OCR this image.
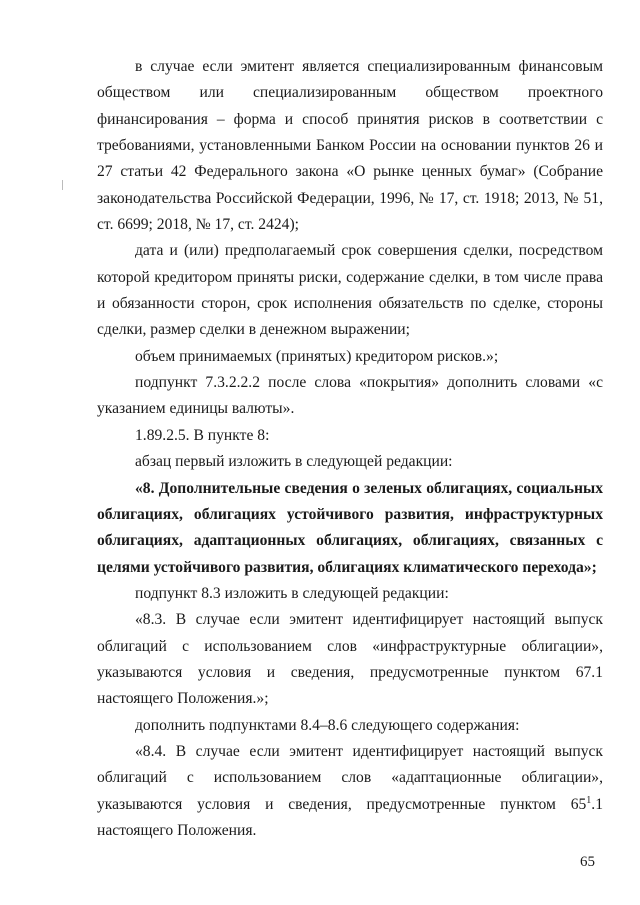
в случае если эмитент является специализированным финансовым обществом или специализированным обществом проектного финансирования – форма и способ принятия рисков в соответствии с требованиями, установленными Банком России на основании пунктов 26 и 27 статьи 42 Федерального закона «О рынке ценных бумаг» (Собрание законодательства Российской Федерации, 1996, № 17, ст. 1918; 2013, № 51, ст. 6699; 2018, № 17, ст. 2424);

дата и (или) предполагаемый срок совершения сделки, посредством которой кредитором приняты риски, содержание сделки, в том числе права и обязанности сторон, срок исполнения обязательств по сделке, стороны сделки, размер сделки в денежном выражении;

объем принимаемых (принятых) кредитором рисков.»;

подпункт 7.3.2.2.2 после слова «покрытия» дополнить словами «с указанием единицы валюты».

1.89.2.5. В пункте 8:

абзац первый изложить в следующей редакции:

«8. Дополнительные сведения о зеленых облигациях, социальных облигациях, облигациях устойчивого развития, инфраструктурных облигациях, адаптационных облигациях, облигациях, связанных с целями устойчивого развития, облигациях климатического перехода»;

подпункт 8.3 изложить в следующей редакции:

«8.3. В случае если эмитент идентифицирует настоящий выпуск облигаций с использованием слов «инфраструктурные облигации», указываются условия и сведения, предусмотренные пунктом 67.1 настоящего Положения.»;

дополнить подпунктами 8.4–8.6 следующего содержания:

«8.4. В случае если эмитент идентифицирует настоящий выпуск облигаций с использованием слов «адаптационные облигации», указываются условия и сведения, предусмотренные пунктом $65^1.1$ настоящего Положения.

65
